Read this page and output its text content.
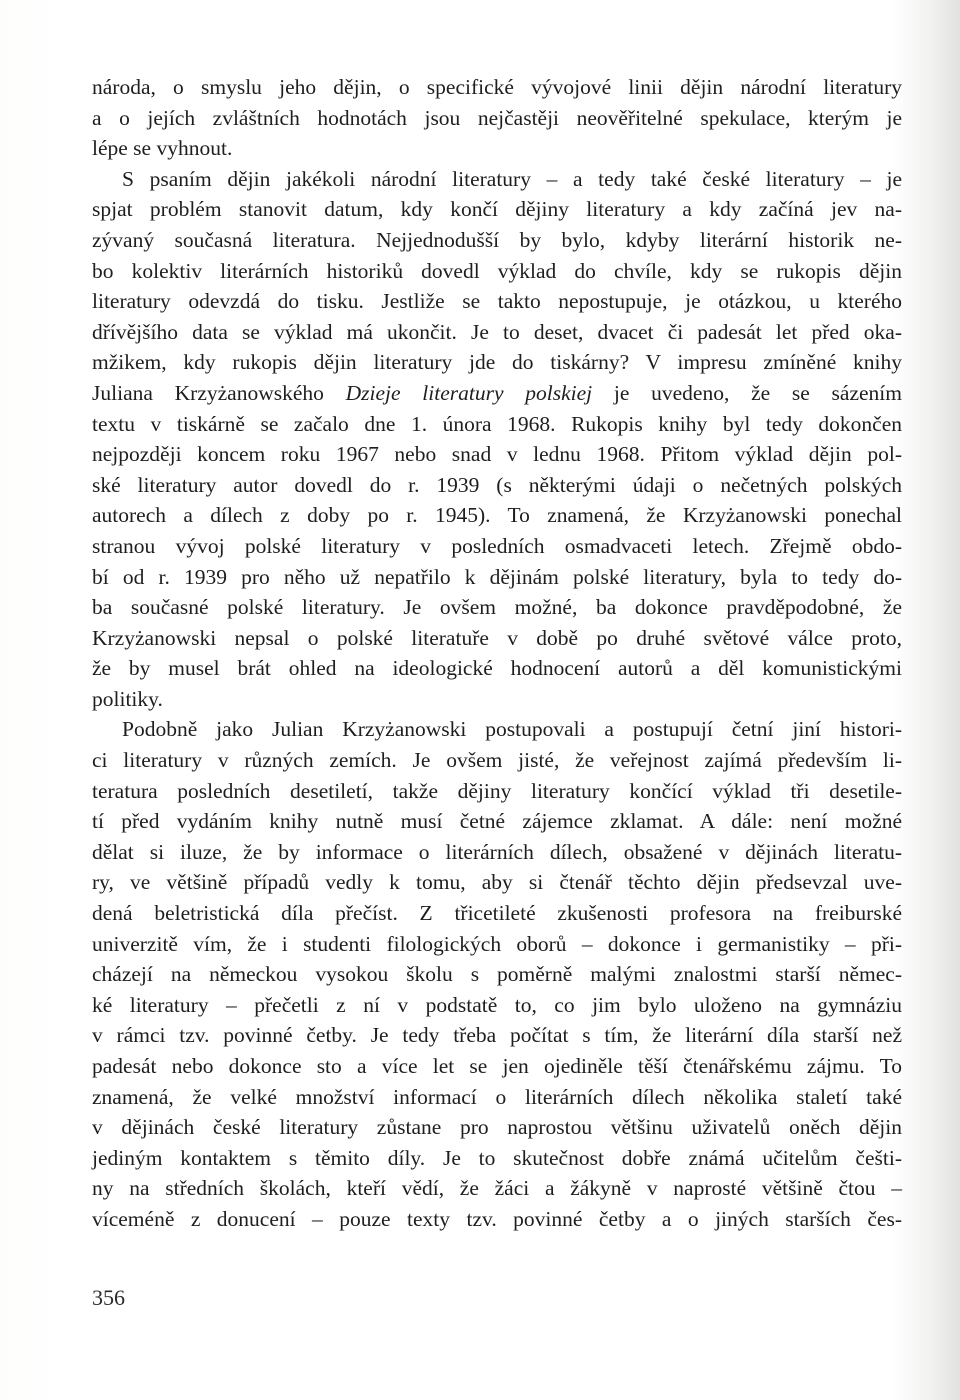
národa, o smyslu jeho dějin, o specifické vývojové linii dějin národní literatury
a o jejích zvláštních hodnotách jsou nejčastěji neověřitelné spekulace, kterým je
lépe se vyhnout.
S psaním dějin jakékoli národní literatury – a tedy také české literatury – je
spjat problém stanovit datum, kdy končí dějiny literatury a kdy začíná jev na-
zývaný současná literatura. Nejjednodušší by bylo, kdyby literární historik ne-
bo kolektiv literárních historiků dovedl výklad do chvíle, kdy se rukopis dějin
literatury odevzdá do tisku. Jestliže se takto nepostupuje, je otázkou, u kterého
dřívějšího data se výklad má ukončit. Je to deset, dvacet či padesát let před oka-
mžikem, kdy rukopis dějin literatury jde do tiskárny? V impresu zmíněné knihy
Juliana Krzyżanowského Dzieje literatury polskiej je uvedeno, že se sázením
textu v tiskárně se začalo dne 1. února 1968. Rukopis knihy byl tedy dokončen
nejpozději koncem roku 1967 nebo snad v lednu 1968. Přitom výklad dějin pol-
ské literatury autor dovedl do r. 1939 (s některými údaji o nečetných polských
autorech a dílech z doby po r. 1945). To znamená, že Krzyżanowski ponechal
stranou vývoj polské literatury v posledních osmadvaceti letech. Zřejmě obdo-
bí od r. 1939 pro něho už nepatřilo k dějinám polské literatury, byla to tedy do-
ba současné polské literatury. Je ovšem možné, ba dokonce pravděpodobné, že
Krzyżanowski nepsal o polské literatuře v době po druhé světové válce proto,
že by musel brát ohled na ideologické hodnocení autorů a děl komunistickými
politiky.
Podobně jako Julian Krzyżanowski postupovali a postupují četní jiní histori-
ci literatury v různých zemích. Je ovšem jisté, že veřejnost zajímá především li-
teratura posledních desetiletí, takže dějiny literatury končící výklad tři desetile-
tí před vydáním knihy nutně musí četné zájemce zklamat. A dále: není možné
dělat si iluze, že by informace o literárních dílech, obsažené v dějinách literatu-
ry, ve většině případů vedly k tomu, aby si čtenář těchto dějin předsevzal uve-
dená beletristická díla přečíst. Z třicetileté zkušenosti profesora na freiburské
univerzitě vím, že i studenti filologických oborů – dokonce i germanistiky – při-
cházejí na německou vysokou školu s poměrně malými znalostmi starší němec-
ké literatury – přečetli z ní v podstatě to, co jim bylo uloženo na gymnáziu
v rámci tzv. povinné četby. Je tedy třeba počítat s tím, že literární díla starší než
padesát nebo dokonce sto a více let se jen ojediněle těší čtenářskému zájmu. To
znamená, že velké množství informací o literárních dílech několika staletí také
v dějinách české literatury zůstane pro naprostou většinu uživatelů oněch dějin
jediným kontaktem s těmito díly. Je to skutečnost dobře známá učitelům češti-
ny na středních školách, kteří vědí, že žáci a žákyně v naprosté většině čtou –
víceméně z donucení – pouze texty tzv. povinné četby a o jiných starších čes-
356
